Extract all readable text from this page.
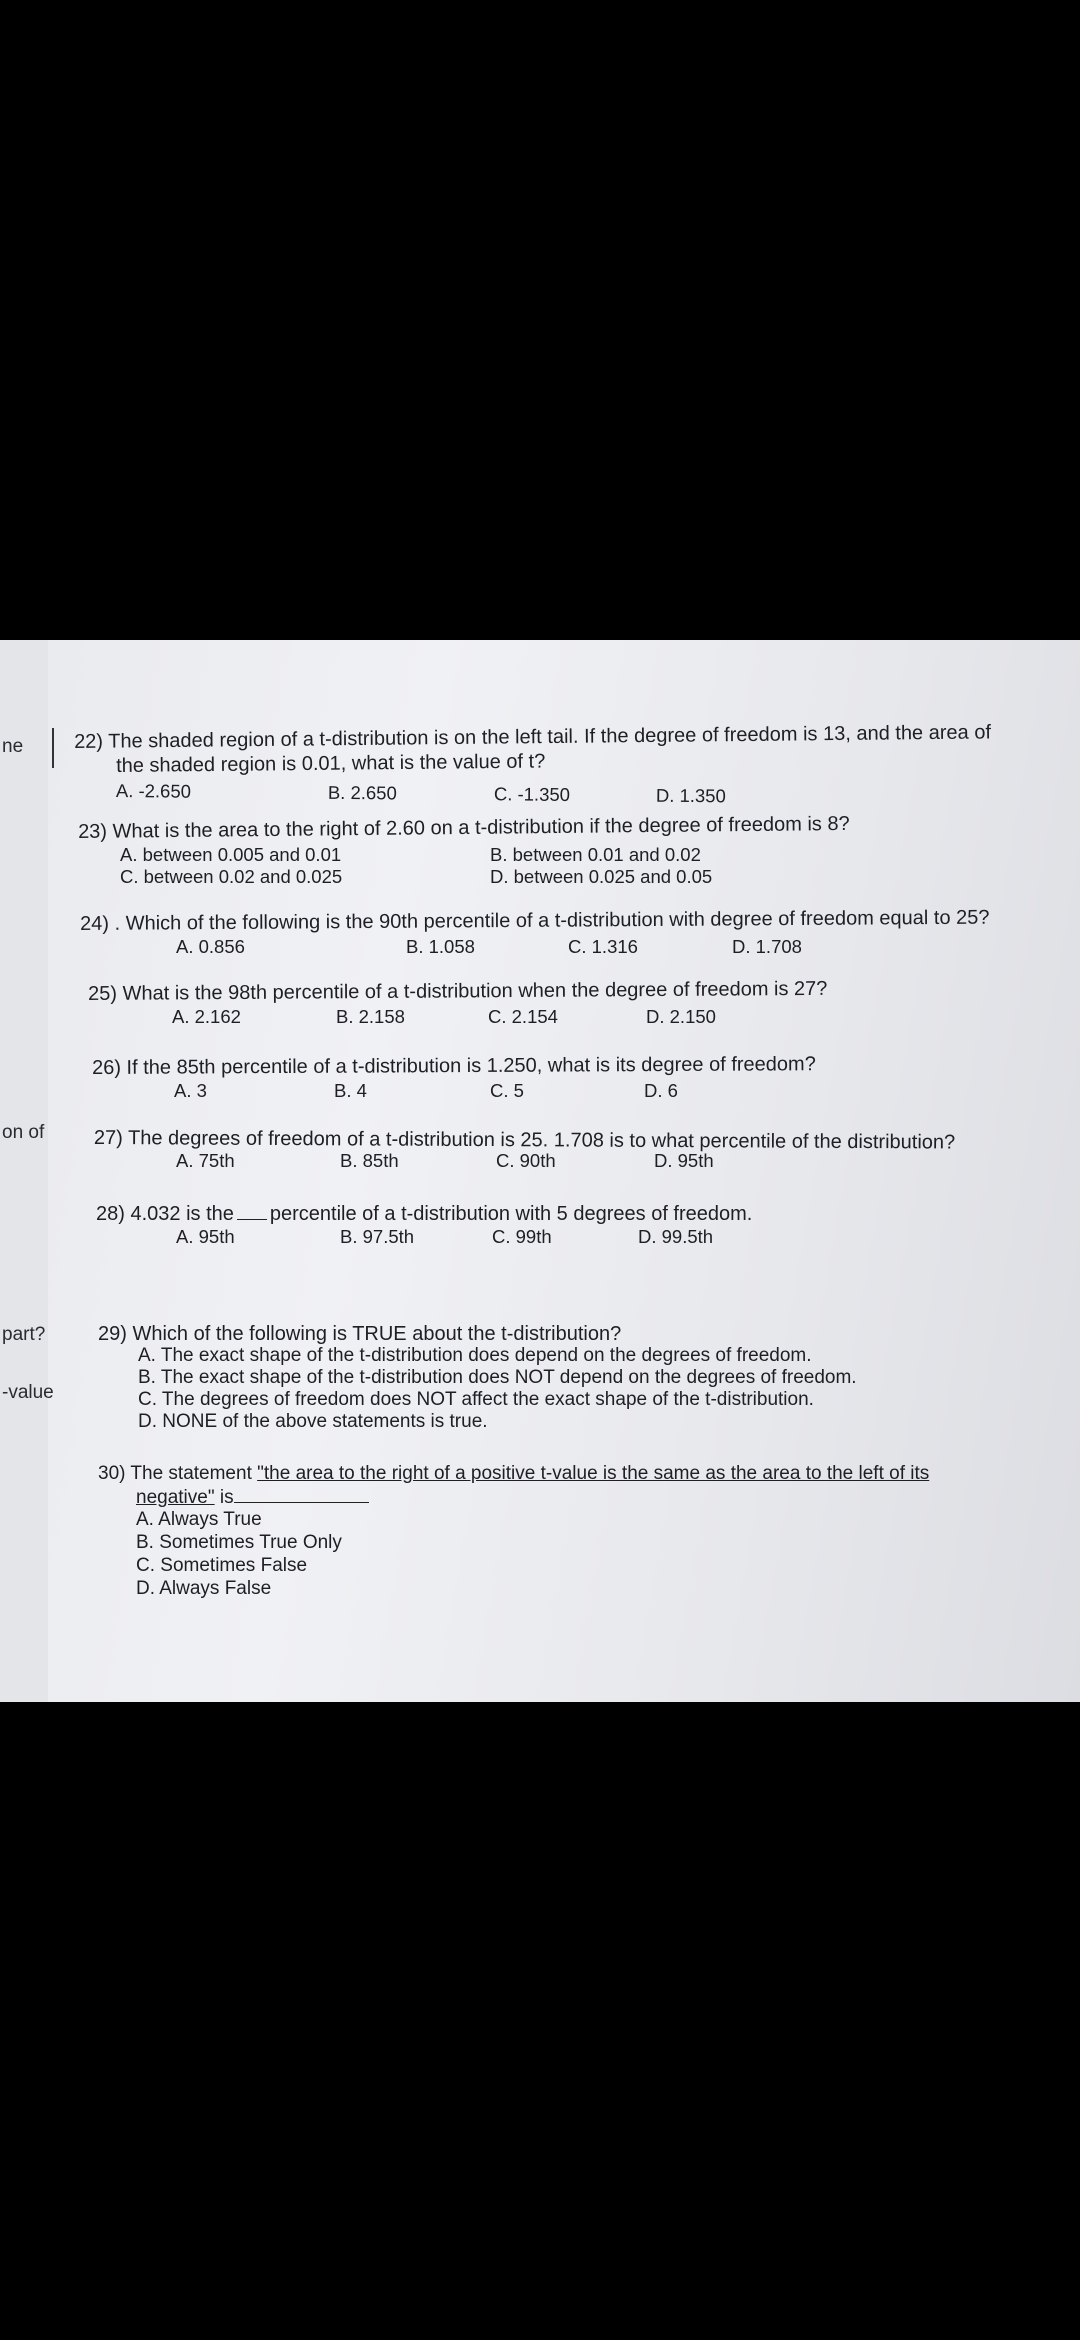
ne
on of
part?
-value
22) The shaded region of a t-distribution is on the left tail. If the degree of freedom is 13, and the area of
the shaded region is 0.01, what is the value of t?
A. -2.650	B. 2.650	C. -1.350	D. 1.350
23) What is the area to the right of 2.60 on a t-distribution if the degree of freedom is 8?
A. between 0.005 and 0.01	B. between 0.01 and 0.02
C. between 0.02 and 0.025	D. between 0.025 and 0.05
24) . Which of the following is the 90th percentile of a t-distribution with degree of freedom equal to 25?
A. 0.856	B. 1.058	C. 1.316	D. 1.708
25) What is the 98th percentile of a t-distribution when the degree of freedom is 27?
A. 2.162	B. 2.158	C. 2.154	D. 2.150
26) If the 85th percentile of a t-distribution is 1.250, what is its degree of freedom?
A. 3	B. 4	C. 5	D. 6
27) The degrees of freedom of a t-distribution is 25. 1.708 is to what percentile of the distribution?
A. 75th	B. 85th	C. 90th	D. 95th
28) 4.032 is the percentile of a t-distribution with 5 degrees of freedom.
A. 95th	B. 97.5th	C. 99th	D. 99.5th
29) Which of the following is TRUE about the t-distribution?
A. The exact shape of the t-distribution does depend on the degrees of freedom.
B. The exact shape of the t-distribution does NOT depend on the degrees of freedom.
C. The degrees of freedom does NOT affect the exact shape of the t-distribution.
D. NONE of the above statements is true.
30) The statement "the area to the right of a positive t-value is the same as the area to the left of its
negative" is
A. Always True
B. Sometimes True Only
C. Sometimes False
D. Always False
